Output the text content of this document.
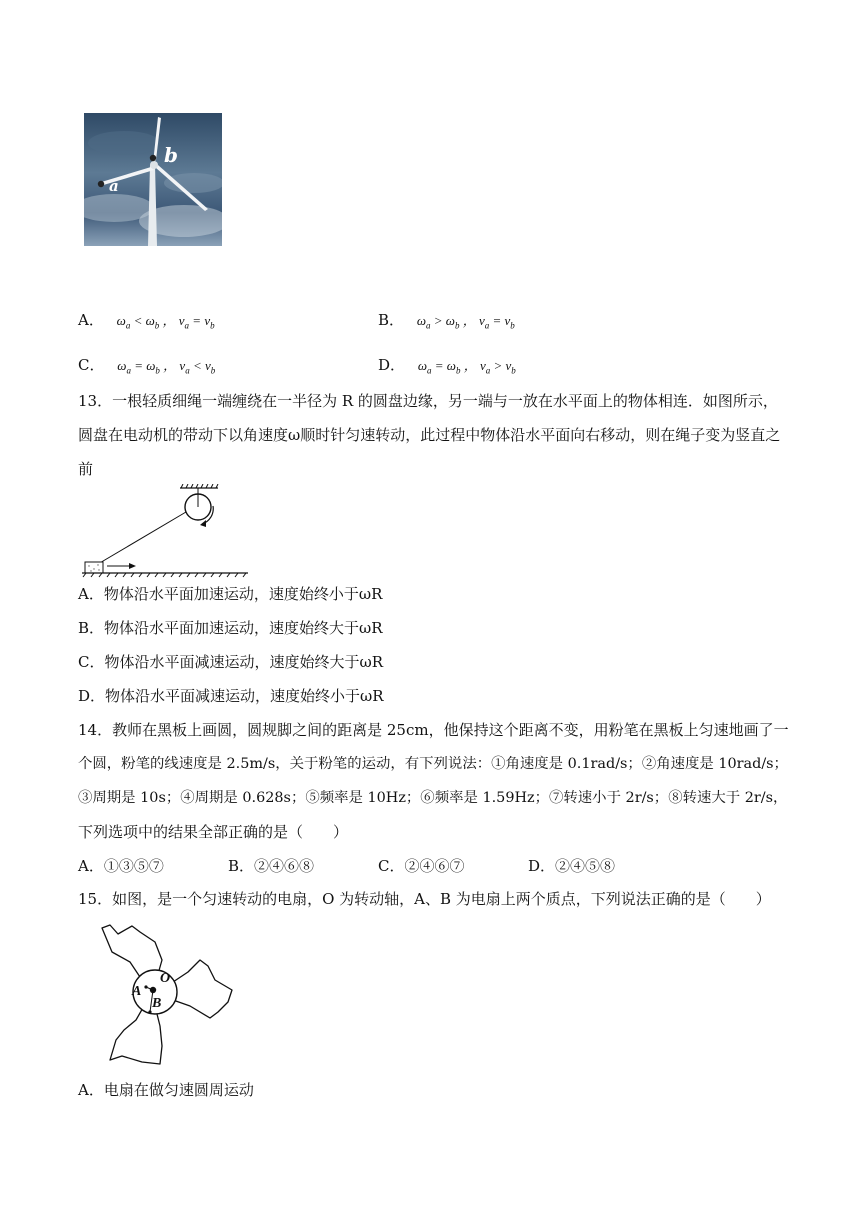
a
b
A． $\omega_a < \omega_b$ ， $v_a = v_b$	B． $\omega_a > \omega_b$ ， $v_a = v_b$
C． $\omega_a = \omega_b$ ， $v_a < v_b$	D． $\omega_a = \omega_b$ ， $v_a > v_b$
13．一根轻质细绳一端缠绕在一半径为 R 的圆盘边缘，另一端与一放在水平面上的物体相连．如图所示，
圆盘在电动机的带动下以角速度ω顺时针匀速转动，此过程中物体沿水平面向右移动，则在绳子变为竖直之
前
A．物体沿水平面加速运动，速度始终小于ωR
B．物体沿水平面加速运动，速度始终大于ωR
C．物体沿水平面减速运动，速度始终大于ωR
D．物体沿水平面减速运动，速度始终小于ωR
14．教师在黑板上画圆，圆规脚之间的距离是 25cm，他保持这个距离不变，用粉笔在黑板上匀速地画了一
个圆，粉笔的线速度是 2.5m/s，关于粉笔的运动，有下列说法：①角速度是 0.1rad/s；②角速度是 10rad/s；
③周期是 10s；④周期是 0.628s；⑤频率是 10Hz；⑥频率是 1.59Hz；⑦转速小于 2r/s；⑧转速大于 2r/s，
下列选项中的结果全部正确的是（　　）
A．①③⑤⑦	B．②④⑥⑧	C．②④⑥⑦	D．②④⑤⑧
15．如图，是一个匀速转动的电扇，O 为转动轴，A、B 为电扇上两个质点，下列说法正确的是（　　）
O
A
B
A．电扇在做匀速圆周运动
